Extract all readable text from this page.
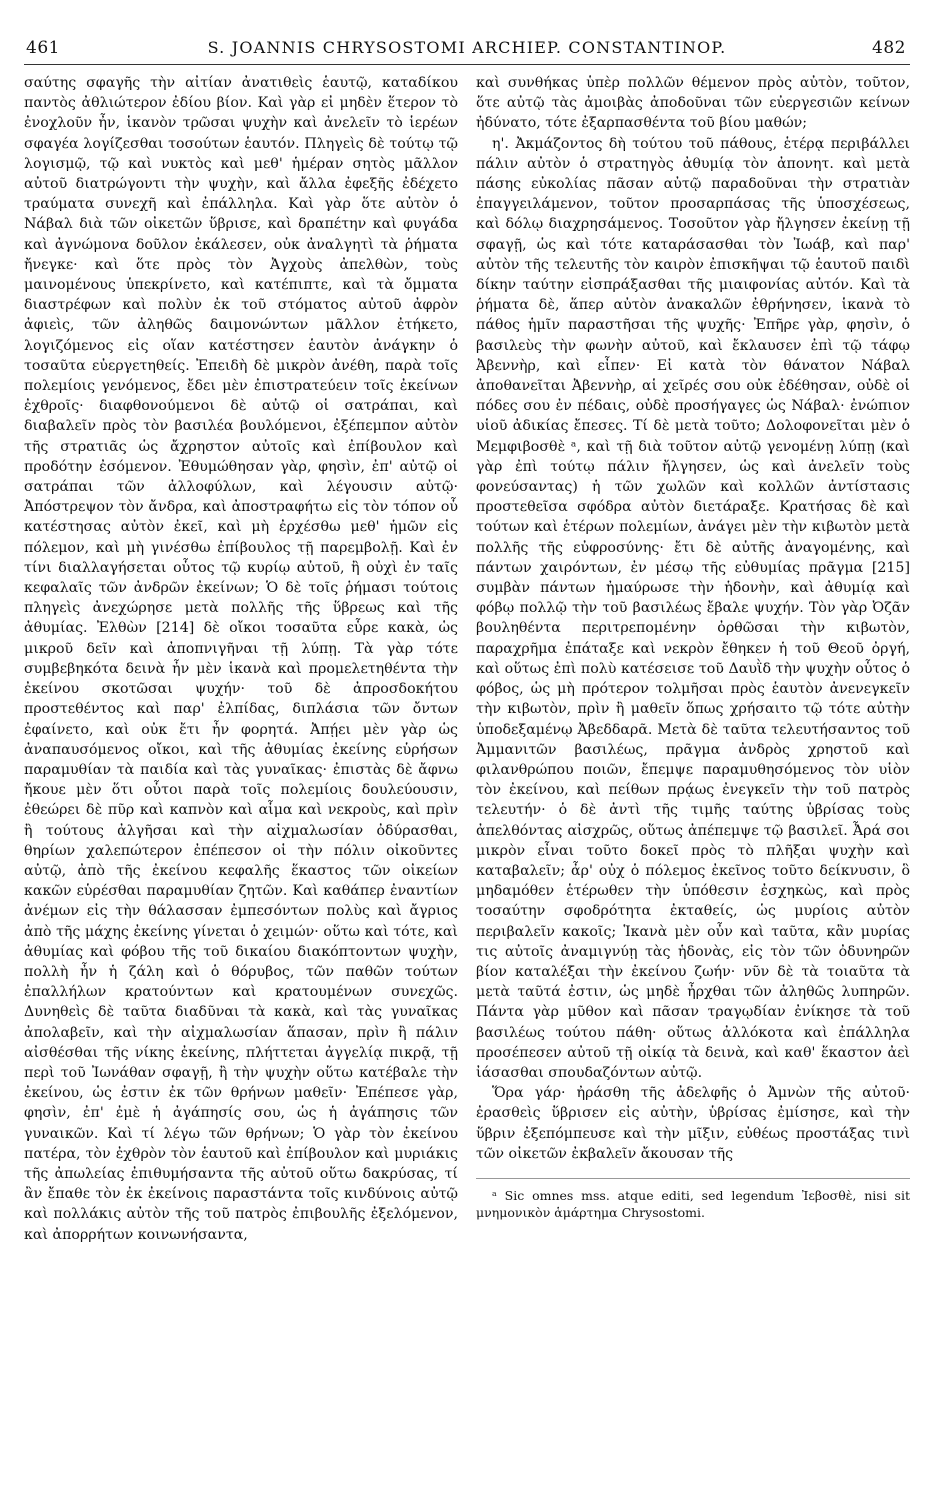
461	S. JOANNIS CHRYSOSTOMI ARCHIEP. CONSTANTINOP.	482

σαύτης σφαγῆς τὴν αἰτίαν ἀνατιθεὶς ἑαυτῷ, καταδίκου παντὸς ἀθλιώτερον ἐδίου βίον. Καὶ γὰρ εἰ μηδὲν ἕτερον τὸ ἐνοχλοῦν ἦν, ἱκανὸν τρῶσαι ψυχὴν καὶ ἀνελεῖν τὸ ἱερέων σφαγέα λογίζεσθαι τοσούτων ἑαυτόν. Πληγεὶς δὲ τούτῳ τῷ λογισμῷ, τῷ καὶ νυκτὸς καὶ μεθ' ἡμέραν σητὸς μᾶλλον αὐτοῦ διατρώγοντι τὴν ψυχὴν, καὶ ἄλλα ἐφεξῆς ἐδέχετο τραύματα συνεχῆ καὶ ἐπάλληλα. Καὶ γὰρ ὅτε αὐτὸν ὁ Νάβαλ διὰ τῶν οἰκετῶν ὕβρισε, καὶ δραπέτην καὶ φυγάδα καὶ ἀγνώμονα δοῦλον ἐκάλεσεν, οὐκ ἀναλγητὶ τὰ ῥήματα ἤνεγκε· καὶ ὅτε πρὸς τὸν Ἀγχοὺς ἀπελθὼν, τοὺς μαινομένους ὑπεκρίνετο, καὶ κατέπιπτε, καὶ τὰ ὄμματα διαστρέφων καὶ πολὺν ἐκ τοῦ στόματος αὐτοῦ ἀφρὸν ἀφιεὶς, τῶν ἀληθῶς δαιμονώντων μᾶλλον ἐτήκετο, λογιζόμενος εἰς οἵαν κατέστησεν ἑαυτὸν ἀνάγκην ὁ τοσαῦτα εὐεργετηθείς. Ἐπειδὴ δὲ μικρὸν ἀνέθη, παρὰ τοῖς πολεμίοις γενόμενος, ἔδει μὲν ἐπιστρατεύειν τοῖς ἐκείνων ἐχθροῖς· διαφθονούμενοι δὲ αὐτῷ οἱ σατράπαι, καὶ διαβαλεῖν πρὸς τὸν βασιλέα βουλόμενοι, ἐξέπεμπον αὐτὸν τῆς στρατιᾶς ὡς ἄχρηστον αὐτοῖς καὶ ἐπίβουλον καὶ προδότην ἐσόμενον. Ἐθυμώθησαν γὰρ, φησὶν, ἐπ' αὐτῷ οἱ σατράπαι τῶν ἀλλοφύλων, καὶ λέγουσιν αὐτῷ· Ἀπόστρεψον τὸν ἄνδρα, καὶ ἀποστραφήτω εἰς τὸν τόπον οὗ κατέστησας αὐτὸν ἐκεῖ, καὶ μὴ ἐρχέσθω μεθ' ἡμῶν εἰς πόλεμον, καὶ μὴ γινέσθω ἐπίβουλος τῇ παρεμβολῇ. Καὶ ἐν τίνι διαλλαγήσεται οὗτος τῷ κυρίῳ αὐτοῦ, ἢ οὐχὶ ἐν ταῖς κεφαλαῖς τῶν ἀνδρῶν ἐκείνων; Ὁ δὲ τοῖς ῥήμασι τούτοις πληγεὶς ἀνεχώρησε μετὰ πολλῆς τῆς ὕβρεως καὶ τῆς ἀθυμίας. Ἐλθὼν [214] δὲ οἴκοι τοσαῦτα εὗρε κακὰ, ὡς μικροῦ δεῖν καὶ ἀποπνιγῆναι τῇ λύπῃ. Τὰ γὰρ τότε συμβεβηκότα δεινὰ ἦν μὲν ἱκανὰ καὶ προμελετηθέντα τὴν ἐκείνου σκοτῶσαι ψυχήν· τοῦ δὲ ἀπροσδοκήτου προστεθέντος καὶ παρ' ἐλπίδας, διπλάσια τῶν ὄντων ἐφαίνετο, καὶ οὐκ ἔτι ἦν φορητά. Ἀπῄει μὲν γὰρ ὡς ἀναπαυσόμενος οἴκοι, καὶ τῆς ἀθυμίας ἐκείνης εὑρήσων παραμυθίαν τὰ παιδία καὶ τὰς γυναῖκας· ἐπιστὰς δὲ ἄφνω ἤκουε μὲν ὅτι οὗτοι παρὰ τοῖς πολεμίοις δουλεύουσιν, ἐθεώρει δὲ πῦρ καὶ καπνὸν καὶ αἷμα καὶ νεκροὺς, καὶ πρὶν ἢ τούτους ἀλγῆσαι καὶ τὴν αἰχμαλωσίαν ὀδύρασθαι, θηρίων χαλεπώτερον ἐπέπεσον οἱ τὴν πόλιν οἰκοῦντες αὐτῷ, ἀπὸ τῆς ἐκείνου κεφαλῆς ἕκαστος τῶν οἰκείων κακῶν εὑρέσθαι παραμυθίαν ζητῶν. Καὶ καθάπερ ἐναντίων ἀνέμων εἰς τὴν θάλασσαν ἐμπεσόντων πολὺς καὶ ἄγριος ἀπὸ τῆς μάχης ἐκείνης γίνεται ὁ χειμών· οὕτω καὶ τότε, καὶ ἀθυμίας καὶ φόβου τῆς τοῦ δικαίου διακόπτοντων ψυχὴν, πολλὴ ἦν ἡ ζάλη καὶ ὁ θόρυβος, τῶν παθῶν τούτων ἐπαλλήλων κρατούντων καὶ κρατουμένων συνεχῶς. Δυνηθεὶς δὲ ταῦτα διαδῦναι τὰ κακὰ, καὶ τὰς γυναῖκας ἀπολαβεῖν, καὶ τὴν αἰχμαλωσίαν ἅπασαν, πρὶν ἢ πάλιν αἰσθέσθαι τῆς νίκης ἐκείνης, πλήττεται ἀγγελίᾳ πικρᾷ, τῇ περὶ τοῦ Ἰωνάθαν σφαγῇ, ἢ τὴν ψυχὴν οὕτω κατέβαλε τὴν ἐκείνου, ὡς ἐστιν ἐκ τῶν θρήνων μαθεῖν· Ἐπέπεσε γὰρ, φησὶν, ἐπ' ἐμὲ ἡ ἀγάπησίς σου, ὡς ἡ ἀγάπησις τῶν γυναικῶν. Καὶ τί λέγω τῶν θρήνων; Ὁ γὰρ τὸν ἐκείνου πατέρα, τὸν ἐχθρὸν τὸν ἑαυτοῦ καὶ ἐπίβουλον καὶ μυριάκις τῆς ἀπωλείας ἐπιθυμήσαντα τῆς αὐτοῦ οὕτω δακρύσας, τί ἂν ἔπαθε τὸν ἐκ ἐκείνοις παραστάντα τοῖς κινδύνοις αὐτῷ καὶ πολλάκις αὐτὸν τῆς τοῦ πατρὸς ἐπιβουλῆς ἐξελόμενον, καὶ ἀπορρήτων κοινωνήσαντα,

καὶ συνθήκας ὑπὲρ πολλῶν θέμενον πρὸς αὐτὸν, τοῦτον, ὅτε αὐτῷ τὰς ἀμοιβὰς ἀποδοῦναι τῶν εὐεργεσιῶν κείνων ἠδύνατο, τότε ἐξαρπασθέντα τοῦ βίου μαθών;

η'. Ἀκμάζοντος δὴ τούτου τοῦ πάθους, ἑτέρᾳ περιβάλλει πάλιν αὐτὸν ὁ στρατηγὸς ἀθυμίᾳ τὸν ἀπονητ. καὶ μετὰ πάσης εὐκολίας πᾶσαν αὐτῷ παραδοῦναι τὴν στρατιὰν ἐπαγγειλάμενον, τοῦτον προσαρπάσας τῆς ὑποσχέσεως, καὶ δόλῳ διαχρησάμενος. Τοσοῦτον γὰρ ἤλγησεν ἐκείνῃ τῇ σφαγῇ, ὡς καὶ τότε καταράσασθαι τὸν Ἰωάβ, καὶ παρ' αὐτὸν τῆς τελευτῆς τὸν καιρὸν ἐπισκῆψαι τῷ ἑαυτοῦ παιδὶ δίκην ταύτην εἰσπράξασθαι τῆς μιαιφονίας αὐτόν. Καὶ τὰ ῥήματα δὲ, ἅπερ αὐτὸν ἀνακαλῶν ἐθρήνησεν, ἱκανὰ τὸ πάθος ἡμῖν παραστῆσαι τῆς ψυχῆς· Ἐπῆρε γὰρ, φησὶν, ὁ βασιλεὺς τὴν φωνὴν αὐτοῦ, καὶ ἔκλαυσεν ἐπὶ τῷ τάφῳ Ἀβεννὴρ, καὶ εἶπεν· Εἰ κατὰ τὸν θάνατον Νάβαλ ἀποθανεῖται Ἀβεννὴρ, αἱ χεῖρές σου οὐκ ἐδέθησαν, οὐδὲ οἱ πόδες σου ἐν πέδαις, οὐδὲ προσήγαγες ὡς Νάβαλ· ἐνώπιον υἱοῦ ἀδικίας ἔπεσες. Τί δὲ μετὰ τοῦτο; Δολοφονεῖται μὲν ὁ Μεμφιβοσθὲ ᵃ, καὶ τῇ διὰ τοῦτον αὐτῷ γενομένῃ λύπῃ (καὶ γὰρ ἐπὶ τούτῳ πάλιν ἤλγησεν, ὡς καὶ ἀνελεῖν τοὺς φονεύσαντας) ἡ τῶν χωλῶν καὶ κολλῶν ἀντίστασις προστεθεῖσα σφόδρα αὐτὸν διετάραξε. Κρατήσας δὲ καὶ τούτων καὶ ἑτέρων πολεμίων, ἀνάγει μὲν τὴν κιβωτὸν μετὰ πολλῆς τῆς εὐφροσύνης· ἔτι δὲ αὐτῆς ἀναγομένης, καὶ πάντων χαιρόντων, ἐν μέσῳ τῆς εὐθυμίας πρᾶγμα [215] συμβὰν πάντων ἠμαύρωσε τὴν ἡδονὴν, καὶ ἀθυμίᾳ καὶ φόβῳ πολλῷ τὴν τοῦ βασιλέως ἔβαλε ψυχήν. Τὸν γὰρ Ὀζᾶν βουληθέντα περιτρεπομένην ὀρθῶσαι τὴν κιβωτὸν, παραχρῆμα ἐπάταξε καὶ νεκρὸν ἔθηκεν ἡ τοῦ Θεοῦ ὀργή, καὶ οὕτως ἐπὶ πολὺ κατέσεισε τοῦ Δαυῒδ τὴν ψυχὴν οὗτος ὁ φόβος, ὡς μὴ πρότερον τολμῆσαι πρὸς ἑαυτὸν ἀνενεγκεῖν τὴν κιβωτὸν, πρὶν ἢ μαθεῖν ὅπως χρήσαιτο τῷ τότε αὐτὴν ὑποδεξαμένῳ Ἀβεδδαρᾶ. Μετὰ δὲ ταῦτα τελευτήσαντος τοῦ Ἀμμανιτῶν βασιλέως, πρᾶγμα ἀνδρὸς χρηστοῦ καὶ φιλανθρώπου ποιῶν, ἔπεμψε παραμυθησόμενος τὸν υἱὸν τὸν ἐκείνου, καὶ πείθων πρᾴως ἐνεγκεῖν τὴν τοῦ πατρὸς τελευτήν· ὁ δὲ ἀντὶ τῆς τιμῆς ταύτης ὑβρίσας τοὺς ἀπελθόντας αἰσχρῶς, οὕτως ἀπέπεμψε τῷ βασιλεῖ. Ἆρά σοι μικρὸν εἶναι τοῦτο δοκεῖ πρὸς τὸ πλῆξαι ψυχὴν καὶ καταβαλεῖν; ἆρ' οὐχ ὁ πόλεμος ἐκεῖνος τοῦτο δείκνυσιν, ὃ μηδαμόθεν ἑτέρωθεν τὴν ὑπόθεσιν ἐσχηκὼς, καὶ πρὸς τοσαύτην σφοδρότητα ἐκταθείς, ὡς μυρίοις αὐτὸν περιβαλεῖν κακοῖς; Ἱκανὰ μὲν οὖν καὶ ταῦτα, κἂν μυρίας τις αὐτοῖς ἀναμιγνύῃ τὰς ἡδονὰς, εἰς τὸν τῶν ὀδυνηρῶν βίον καταλέξαι τὴν ἐκείνου ζωήν· νῦν δὲ τὰ τοιαῦτα τὰ μετὰ ταῦτά ἐστιν, ὡς μηδὲ ἦρχθαι τῶν ἀληθῶς λυπηρῶν. Πάντα γὰρ μῦθον καὶ πᾶσαν τραγῳδίαν ἐνίκησε τὰ τοῦ βασιλέως τούτου πάθη· οὕτως ἀλλόκοτα καὶ ἐπάλληλα προσέπεσεν αὐτοῦ τῇ οἰκίᾳ τὰ δεινὰ, καὶ καθ' ἕκαστον ἀεὶ ἰάσασθαι σπουδαζόντων αὐτῷ.

Ὅρα γάρ· ἠράσθη τῆς ἀδελφῆς ὁ Ἀμνὼν τῆς αὐτοῦ· ἐρασθεὶς ὕβρισεν εἰς αὐτὴν, ὑβρίσας ἐμίσησε, καὶ τὴν ὕβριν ἐξεπόμπευσε καὶ τὴν μῖξιν, εὐθέως προστάξας τινὶ τῶν οἰκετῶν ἐκβαλεῖν ἄκουσαν τῆς

ᵃ Sic omnes mss. atque editi, sed legendum Ἰεβοσθὲ, nisi sit μνημονικὸν ἁμάρτημα Chrysostomi.
